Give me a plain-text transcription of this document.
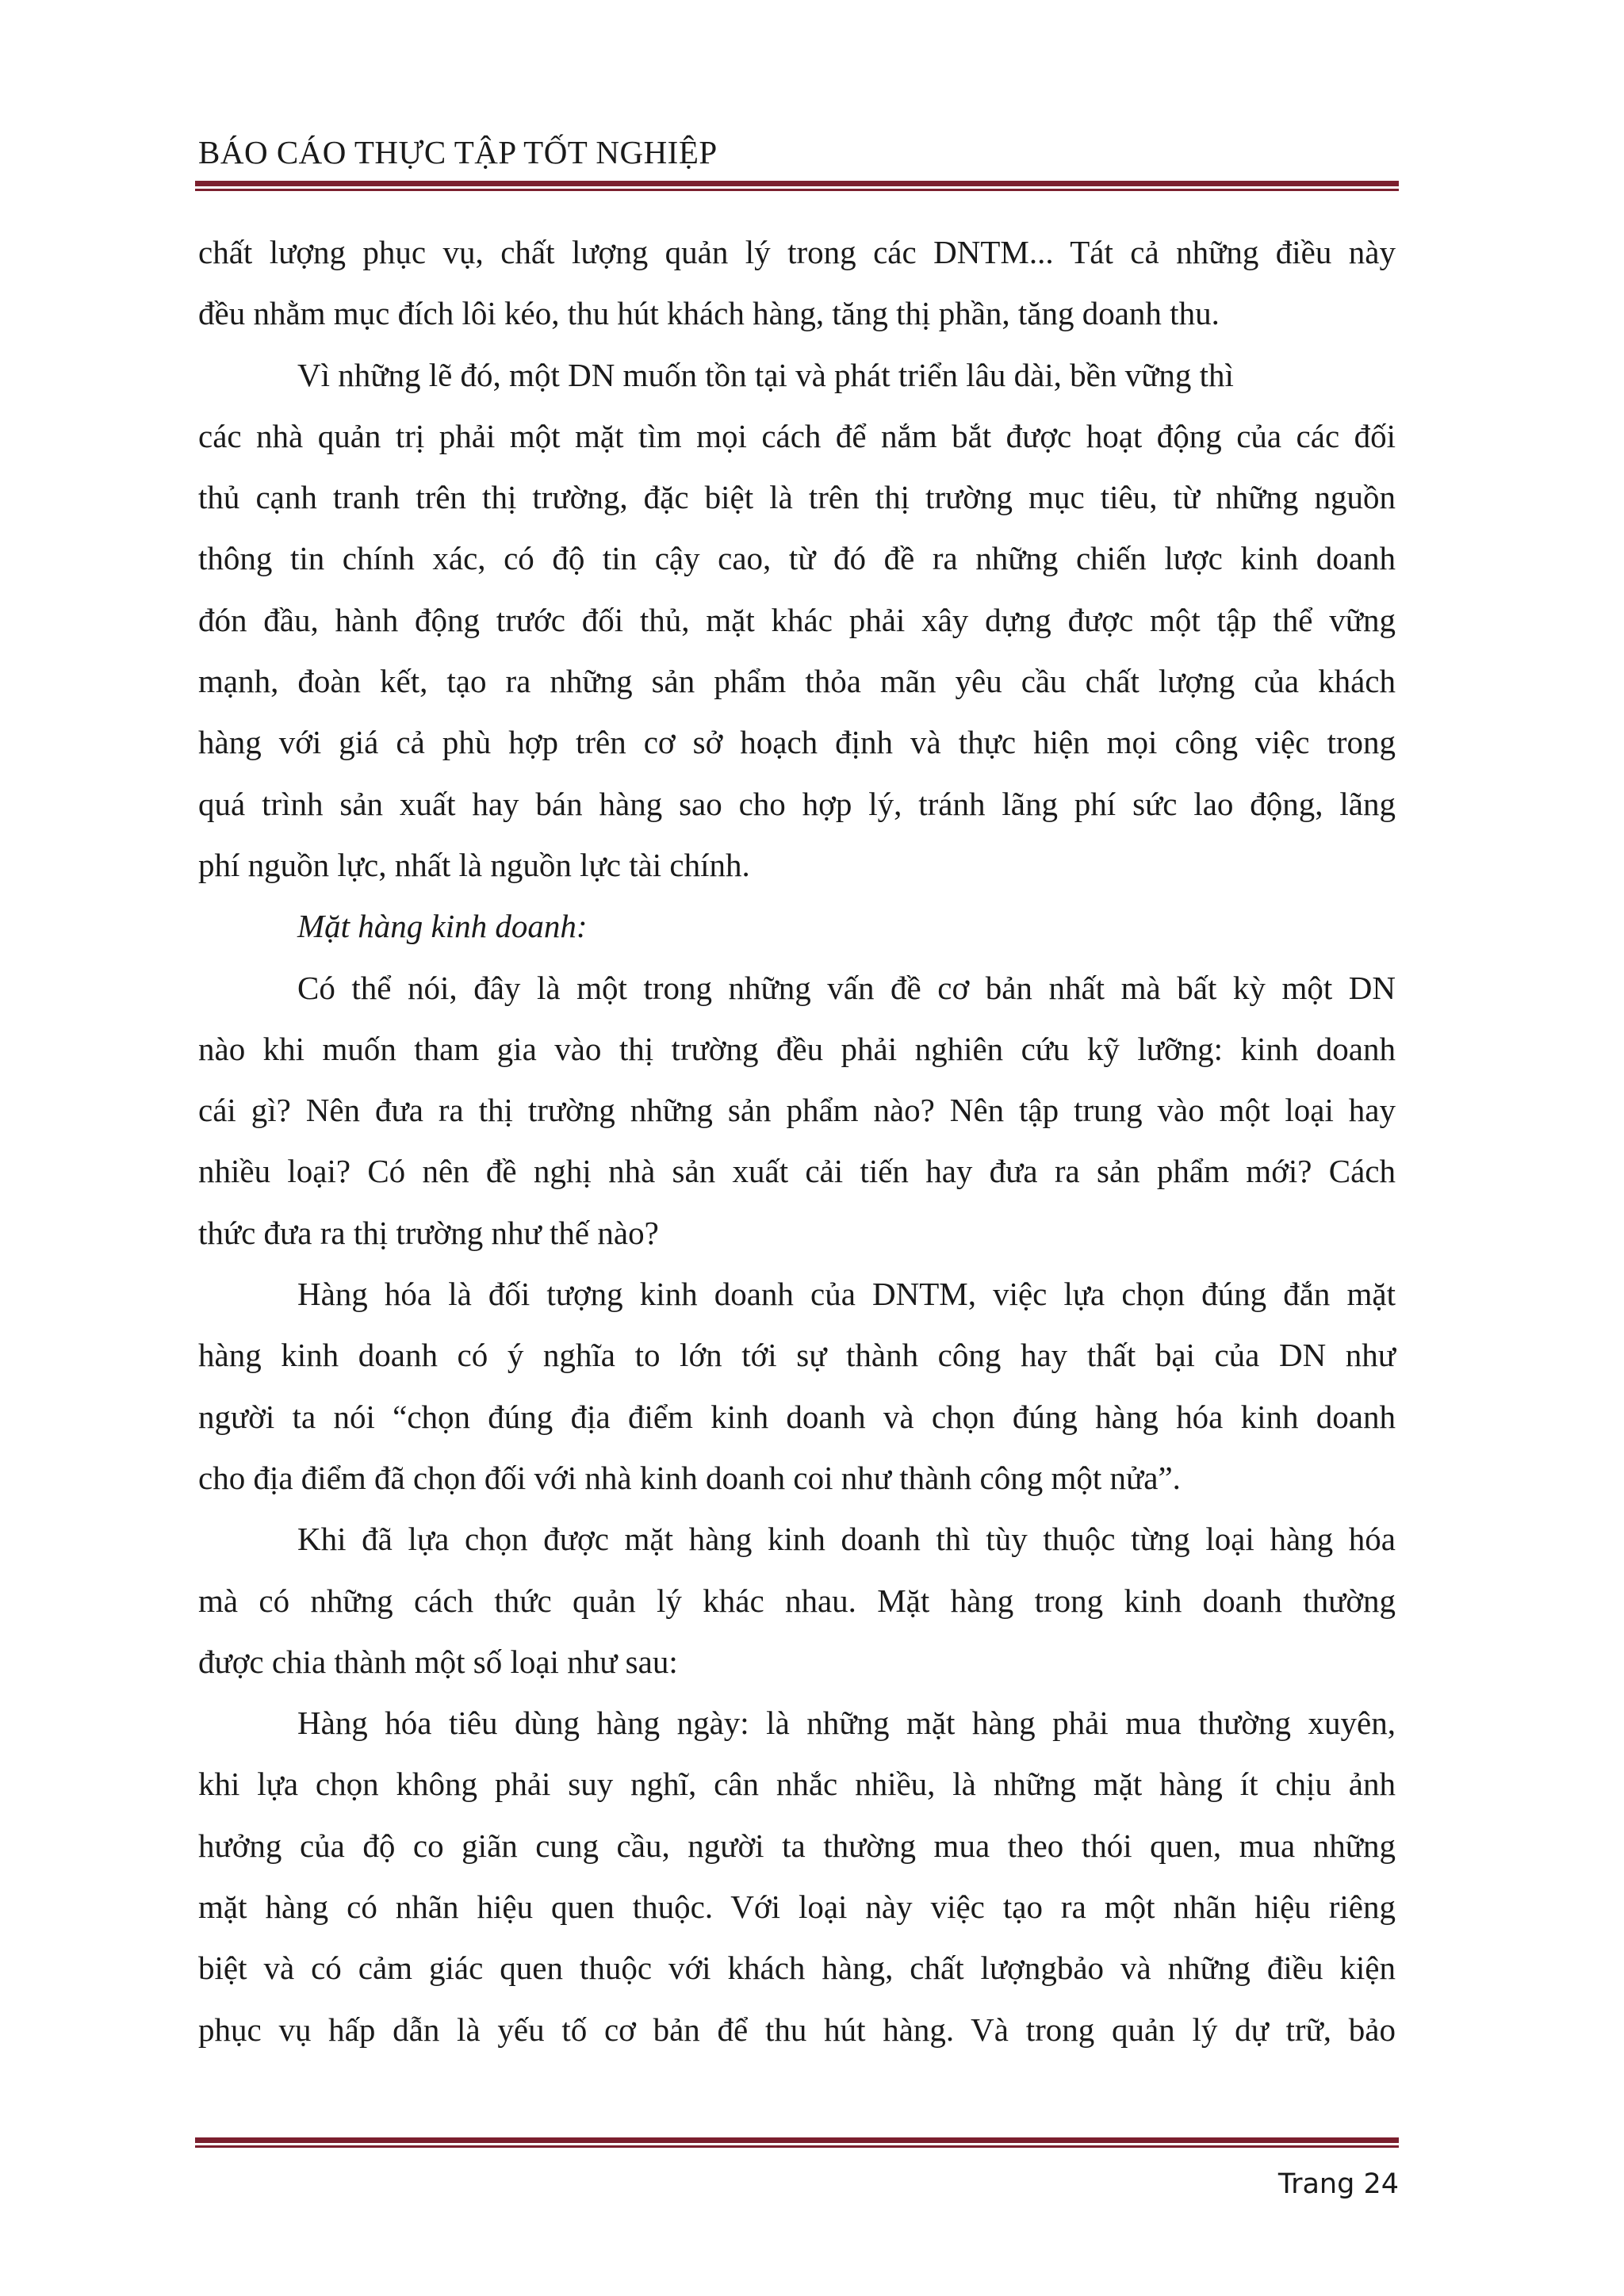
BÁO CÁO THỰC TẬP TỐT NGHIỆP
chất lượng phục vụ, chất lượng quản lý trong các DNTM... Tát cả những điều này
đều nhằm mục đích lôi kéo, thu hút khách hàng, tăng thị phần, tăng doanh thu.
Vì những lẽ đó, một DN muốn tồn tại và phát triển lâu dài, bền vững thì
các nhà quản trị phải một mặt tìm mọi cách để nắm bắt được hoạt động của các đối
thủ cạnh tranh trên thị trường, đặc biệt là trên thị trường mục tiêu, từ những nguồn
thông tin chính xác, có độ tin cậy cao, từ đó đề ra những chiến lược kinh doanh
đón đầu, hành động trước đối thủ, mặt khác phải xây dựng được một tập thể vững
mạnh, đoàn kết, tạo ra những sản phẩm thỏa mãn yêu cầu chất lượng của khách
hàng với giá cả phù hợp trên cơ sở hoạch định và thực hiện mọi công việc trong
quá trình sản xuất hay bán hàng sao cho hợp lý, tránh lãng phí sức lao động, lãng
phí nguồn lực, nhất là nguồn lực tài chính.
Mặt hàng kinh doanh:
Có thể nói, đây là một trong những vấn đề cơ bản nhất mà bất kỳ một DN
nào khi muốn tham gia vào thị trường đều phải nghiên cứu kỹ lưỡng: kinh doanh
cái gì? Nên đưa ra thị trường những sản phẩm nào? Nên tập trung vào một loại hay
nhiều loại? Có nên đề nghị nhà sản xuất cải tiến hay đưa ra sản phẩm mới? Cách
thức đưa ra thị trường như thế nào?
Hàng hóa là đối tượng kinh doanh của DNTM, việc lựa chọn đúng đắn mặt
hàng kinh doanh có ý nghĩa to lớn tới sự thành công hay thất bại của DN như
người ta nói “chọn đúng địa điểm kinh doanh và chọn đúng hàng hóa kinh doanh
cho địa điểm đã chọn đối với nhà kinh doanh coi như thành công một nửa”.
Khi đã lựa chọn được mặt hàng kinh doanh thì tùy thuộc từng loại hàng hóa
mà có những cách thức quản lý khác nhau. Mặt hàng trong kinh doanh thường
được chia thành một số loại như sau:
Hàng hóa tiêu dùng hàng ngày: là những mặt hàng phải mua thường xuyên,
khi lựa chọn không phải suy nghĩ, cân nhắc nhiều, là những mặt hàng ít chịu ảnh
hưởng của độ co giãn cung cầu, người ta thường mua theo thói quen, mua những
mặt hàng có nhãn hiệu quen thuộc. Với loại này việc tạo ra một nhãn hiệu riêng
biệt và có cảm giác quen thuộc với khách hàng, chất lượngbảo và những điều kiện
phục vụ hấp dẫn là yếu tố cơ bản để thu hút hàng. Và trong quản lý dự trữ, bảo
Trang 24
